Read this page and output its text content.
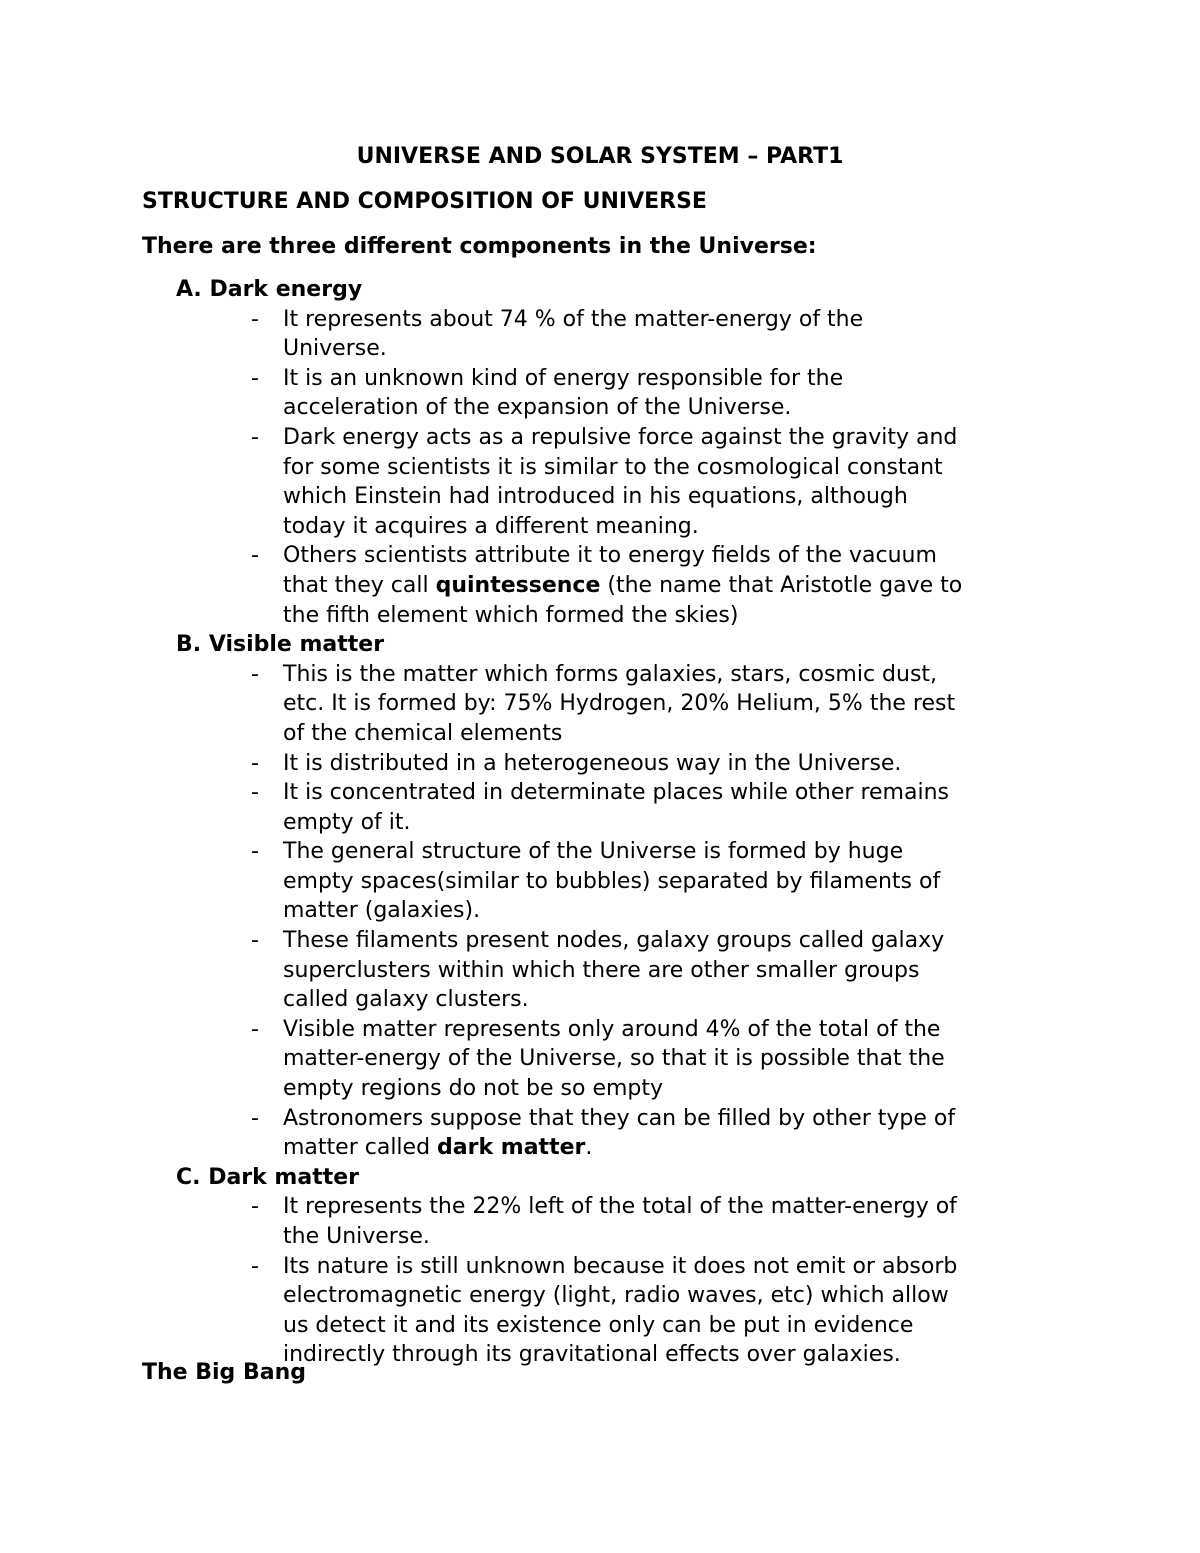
UNIVERSE AND SOLAR SYSTEM – PART1
STRUCTURE AND COMPOSITION OF UNIVERSE
There are three different components in the Universe:
A. Dark energy
- It represents about 74 % of the matter-energy of the Universe.
- It is an unknown kind of energy responsible for the acceleration of the expansion of the Universe.
- Dark energy acts as a repulsive force against the gravity and for some scientists it is similar to the cosmological constant which Einstein had introduced in his equations, although today it acquires a different meaning.
- Others scientists attribute it to energy fields of the vacuum that they call quintessence (the name that Aristotle gave to the fifth element which formed the skies)
B. Visible matter
- This is the matter which forms galaxies, stars, cosmic dust, etc. It is formed by: 75% Hydrogen, 20% Helium, 5% the rest of the chemical elements
- It is distributed in a heterogeneous way in the Universe.
- It is concentrated in determinate places while other remains empty of it.
- The general structure of the Universe is formed by huge empty spaces(similar to bubbles) separated by filaments of matter (galaxies).
- These filaments present nodes, galaxy groups called galaxy superclusters within which there are other smaller groups called galaxy clusters.
- Visible matter represents only around 4% of the total of the matter-energy of the Universe, so that it is possible that the empty regions do not be so empty
- Astronomers suppose that they can be filled by other type of matter called dark matter.
C. Dark matter
- It represents the 22% left of the total of the matter-energy of the Universe.
- Its nature is still unknown because it does not emit or absorb electromagnetic energy (light, radio waves, etc) which allow us detect it and its existence only can be put in evidence indirectly through its gravitational effects over galaxies.
The Big Bang
